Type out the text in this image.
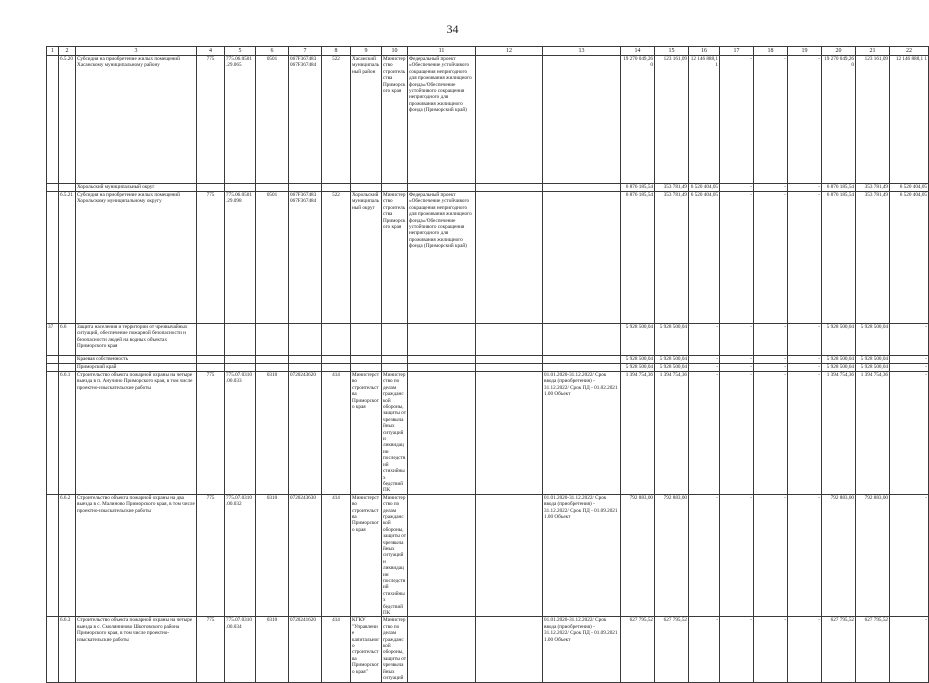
34
1	2	3	4	5	6	7	8	9	10	11	12	13	14	15	16	17	18	19	20	21	22
	6.5.20	Субсидия на приобретение жилых помещений Хасанскому муниципальному району	775	775.06.0501 .29.065	0501	067F367483 067F367484	522	Хасанский муниципальный район	Министерство строительства Приморского края	Федеральный проект «Обеспечение устойчивого сокращения непригодного для проживания жилищного фонда»/Обеспечение устойчивого сокращения непригодного для проживания жилищного фонда (Приморский край)			19 270 049,26 0	123 161,09	12 146 888,1 1	-	-	-	19 270 049,26 0	123 161,09	12 146 888,1 1
		Хорольский муниципальный округ											6 876 185,54	353 781,49	6 520 404,05	-	-	-	6 876 185,54	353 781,49	6 520 404,05
	6.5.21	Субсидия на приобретение жилых помещений Хорольскому муниципальному округу	775	775.06.0501 .29.098	0501	067F367483 067F367484	522	Хорольский муниципальный округ	Министерство строительства Приморского края	Федеральный проект «Обеспечение устойчивого сокращения непригодного для проживания жилищного фонда»/Обеспечение устойчивого сокращения непригодного для проживания жилищного фонда (Приморский край)			6 876 185,54	353 781,49	6 520 404,05	-	-	-	6 876 185,54	353 781,49	6 520 404,05
37	6.6	Защита населения и территории от чрезвычайных ситуаций, обеспечение пожарной безопасности и безопасности людей на водных объектах Приморского края											5 928 500,04	5 928 500,04	-	-	-	-	5 928 500,04	5 928 500,04	-
		Краевая собственность											5 928 500,04	5 928 500,04	-	-	-	-	5 928 500,04	5 928 500,04	-
		Приморский край											5 928 500,04	5 928 500,04	-	-	-	-	5 928 500,04	5 928 500,04	-
	6.6.1	Строительство объекта пожарной охраны на четыре выезда в п. Анучино Приморского края, в том числе проектно-изыскательские работы	775	775.07.0310 .00.033	0310	0720243620	414	Министерство строительства Приморского края	Министерство по делам гражданской обороны, защиты от чрезвычайных ситуаций и ликвидации последствий стихийных бедствий ПК			01.01.2020-31.12.2022/ Срок ввода (приобретения) - 31.12.2022/ Срок ПД - 01.02.2021 1.00 Объект	1 394 754,36	1 394 754,36	-	-	-	-	1 394 754,36	1 394 754,36	-
	6.6.2	Строительство объекта пожарной охраны на два выезда в с. Малиново Приморского края, в том числе проектно-изыскательские работы	775	775.07.0310 .00.032	0310	0720243630	414	Министерство строительства Приморского края	Министерство по делам гражданской обороны, защиты от чрезвычайных ситуаций и ликвидации последствий стихийных бедствий ПК			01.01.2020-31.12.2022/ Срок ввода (приобретения) - 31.12.2022/ Срок ПД - 01.09.2021 1.00 Объект	792 883,00	792 883,00	-	-	-	-	792 883,00	792 883,00	-
	6.6.3	Строительство объекта пожарной охраны на четыре выезда в с. Смоляниново Шкотовского района Приморского края, в том числе проектно-изыскательские работы	775	775.07.0310 .00.034	0310	0720241620	414	КГКУ "Управление капитального строительства Приморского края"	Министерство по делам гражданской обороны, защиты от чрезвычайных ситуаций			01.01.2020-31.12.2022/ Срок ввода (приобретения) - 31.12.2022/ Срок ПД - 01.09.2021 1.00 Объект	627 795,52	627 795,52	-	-	-	-	627 795,52	627 795,52	-
